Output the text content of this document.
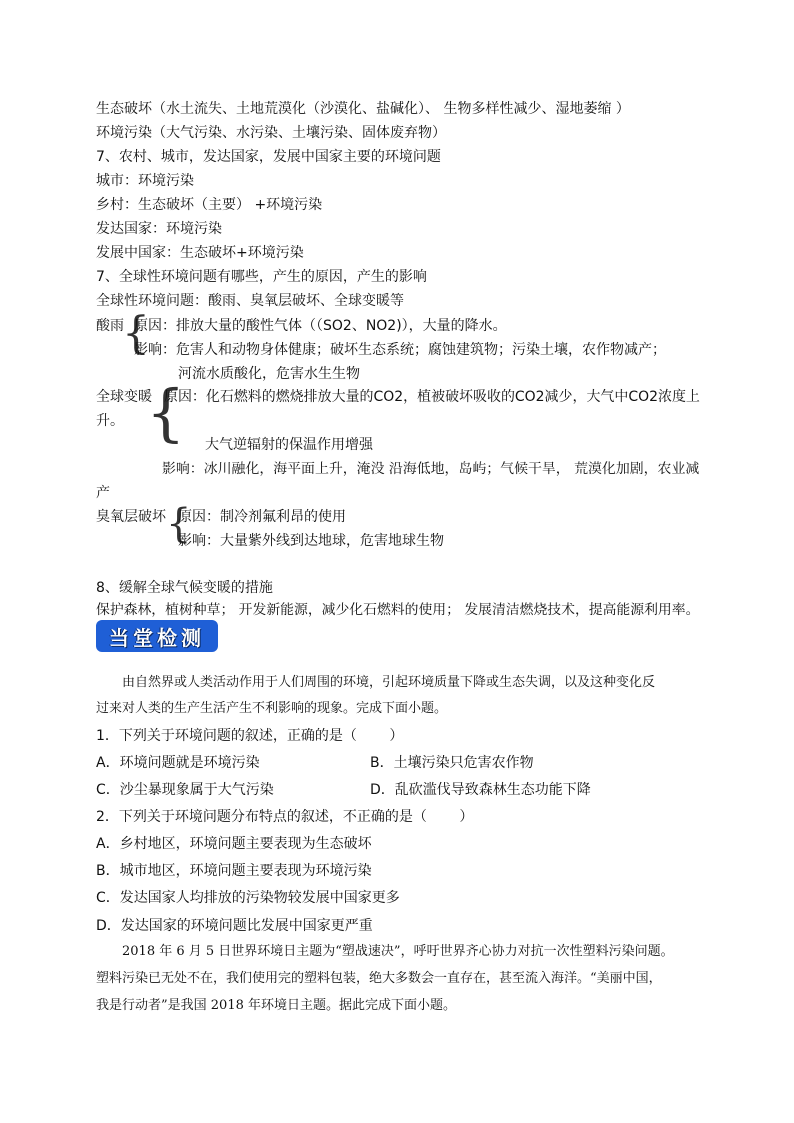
生态破坏（水土流失、土地荒漠化（沙漠化、盐碱化）、 生物多样性减少、湿地萎缩 ）
环境污染（大气污染、水污染、土壤污染、固体废弃物）
7、农村、城市，发达国家，发展中国家主要的环境问题
城市：环境污染
乡村：生态破坏（主要） +环境污染
发达国家：环境污染
发展中国家：生态破坏+环境污染
7、全球性环境问题有哪些，产生的原因，产生的影响
全球性环境问题：酸雨、臭氧层破坏、全球变暖等
酸雨
{
原因：排放大量的酸性气体（（SO2、NO2)），大量的降水。
影响：危害人和动物身体健康；破坏生态系统；腐蚀建筑物；污染土壤，农作物减产；
河流水质酸化，危害水生生物
全球变暖
{
原因：化石燃料的燃烧排放大量的CO2，植被破坏吸收的CO2减少，大气中CO2浓度上
升。
大气逆辐射的保温作用增强
影响：冰川融化，海平面上升，淹没 沿海低地，岛屿；气候干旱， 荒漠化加剧，农业减
产
臭氧层破坏 {
原因：制冷剂氟利昂的使用
影响：大量紫外线到达地球，危害地球生物
8、缓解全球气候变暖的措施
保护森林，植树种草； 开发新能源，减少化石燃料的使用； 发展清洁燃烧技术，提高能源利用率。
当堂检测
由自然界或人类活动作用于人们周围的环境，引起环境质量下降或生态失调，以及这种变化反
过来对人类的生产生活产生不利影响的现象。完成下面小题。
1．下列关于环境问题的叙述，正确的是（　　 ）
A．环境问题就是环境污染	B．土壤污染只危害农作物
C．沙尘暴现象属于大气污染	D．乱砍滥伐导致森林生态功能下降
2．下列关于环境问题分布特点的叙述，不正确的是（　　 ）
A．乡村地区，环境问题主要表现为生态破坏
B．城市地区，环境问题主要表现为环境污染
C．发达国家人均排放的污染物较发展中国家更多
D．发达国家的环境问题比发展中国家更严重
2018 年 6 月 5 日世界环境日主题为“塑战速决”，呼吁世界齐心协力对抗一次性塑料污染问题。
塑料污染已无处不在，我们使用完的塑料包装，绝大多数会一直存在，甚至流入海洋。“美丽中国，
我是行动者”是我国 2018 年环境日主题。据此完成下面小题。
